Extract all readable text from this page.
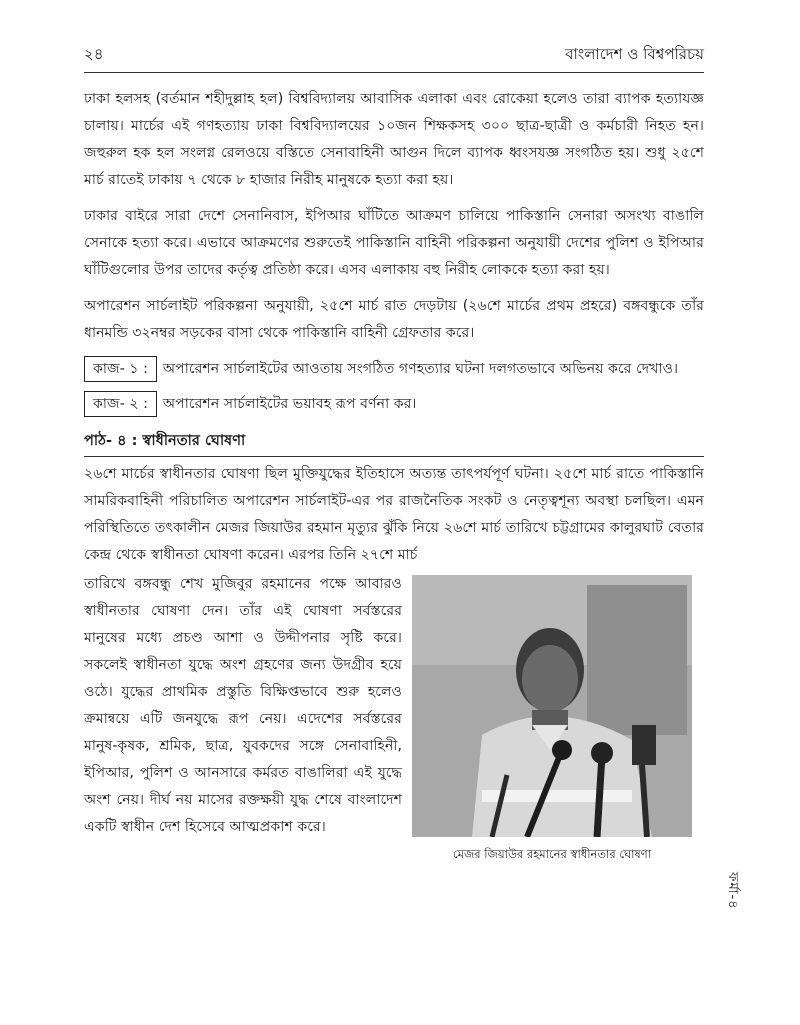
২৪	বাংলাদেশ ও বিশ্বপরিচয়

ঢাকা হলসহ (বর্তমান শহীদুল্লাহ হল) বিশ্ববিদ্যালয় আবাসিক এলাকা এবং রোকেয়া হলেও তারা ব্যাপক হত্যাযজ্ঞ চালায়। মার্চের এই গণহত্যায় ঢাকা বিশ্ববিদ্যালয়ের ১০জন শিক্ষকসহ ৩০০ ছাত্র-ছাত্রী ও কর্মচারী নিহত হন। জহুরুল হক হল সংলগ্ন রেলওয়ে বস্তিতে সেনাবাহিনী আগুন দিলে ব্যাপক ধ্বংসযজ্ঞ সংগঠিত হয়। শুধু ২৫শে মার্চ রাতেই ঢাকায় ৭ থেকে ৮ হাজার নিরীহ মানুষকে হত্যা করা হয়।

ঢাকার বাইরে সারা দেশে সেনানিবাস, ইপিআর ঘাঁটিতে আক্রমণ চালিয়ে পাকিস্তানি সেনারা অসংখ্য বাঙালি সেনাকে হত্যা করে। এভাবে আক্রমণের শুরুতেই পাকিস্তানি বাহিনী পরিকল্পনা অনুযায়ী দেশের পুলিশ ও ইপিআর ঘাঁটিগুলোর উপর তাদের কর্তৃত্ব প্রতিষ্ঠা করে। এসব এলাকায় বহু নিরীহ লোককে হত্যা করা হয়।

অপারেশন সার্চলাইট পরিকল্পনা অনুযায়ী, ২৫শে মার্চ রাত দেড়টায় (২৬শে মার্চের প্রথম প্রহরে) বঙ্গবন্ধুকে তাঁর ধানমন্ডি ৩২নম্বর সড়কের বাসা থেকে পাকিস্তানি বাহিনী গ্রেফতার করে।

কাজ- ১ :	অপারেশন সার্চলাইটের আওতায় সংগঠিত গণহত্যার ঘটনা দলগতভাবে অভিনয় করে দেখাও।
কাজ- ২ :	অপারেশন সার্চলাইটের ভয়াবহ রূপ বর্ণনা কর।
পাঠ- ৪ : স্বাধীনতার ঘোষণা

২৬শে মার্চের স্বাধীনতার ঘোষণা ছিল মুক্তিযুদ্ধের ইতিহাসে অত্যন্ত তাৎপর্যপূর্ণ ঘটনা। ২৫শে মার্চ রাতে পাকিস্তানি সামরিকবাহিনী পরিচালিত অপারেশন সার্চলাইট-এর পর রাজনৈতিক সংকট ও নেতৃত্বশূন্য অবস্থা চলছিল। এমন পরিস্থিতিতে তৎকালীন মেজর জিয়াউর রহমান মৃত্যুর ঝুঁকি নিয়ে ২৬শে মার্চ তারিখে চট্টগ্রামের কালুরঘাট বেতার কেন্দ্র থেকে স্বাধীনতা ঘোষণা করেন। এরপর তিনি ২৭শে মার্চ

তারিখে বঙ্গবন্ধু শেখ মুজিবুর রহমানের পক্ষে আবারও স্বাধীনতার ঘোষণা দেন। তাঁর এই ঘোষণা সর্বস্তরের মানুষের মধ্যে প্রচণ্ড আশা ও উদ্দীপনার সৃষ্টি করে। সকলেই স্বাধীনতা যুদ্ধে অংশ গ্রহণের জন্য উদগ্রীব হয়ে ওঠে। যুদ্ধের প্রাথমিক প্রস্তুতি বিক্ষিপ্তভাবে শুরু হলেও ক্রমান্বয়ে এটি জনযুদ্ধে রূপ নেয়। এদেশের সর্বস্তরের মানুষ-কৃষক, শ্রমিক, ছাত্র, যুবকদের সঙ্গে সেনাবাহিনী, ইপিআর, পুলিশ ও আনসারে কর্মরত বাঙালিরা এই যুদ্ধে অংশ নেয়। দীর্ঘ নয় মাসের রক্তক্ষয়ী যুদ্ধ শেষে বাংলাদেশ একটি স্বাধীন দেশ হিসেবে আত্মপ্রকাশ করে।
মেজর জিয়াউর রহমানের স্বাধীনতার ঘোষণা
ফর্মা-৪
